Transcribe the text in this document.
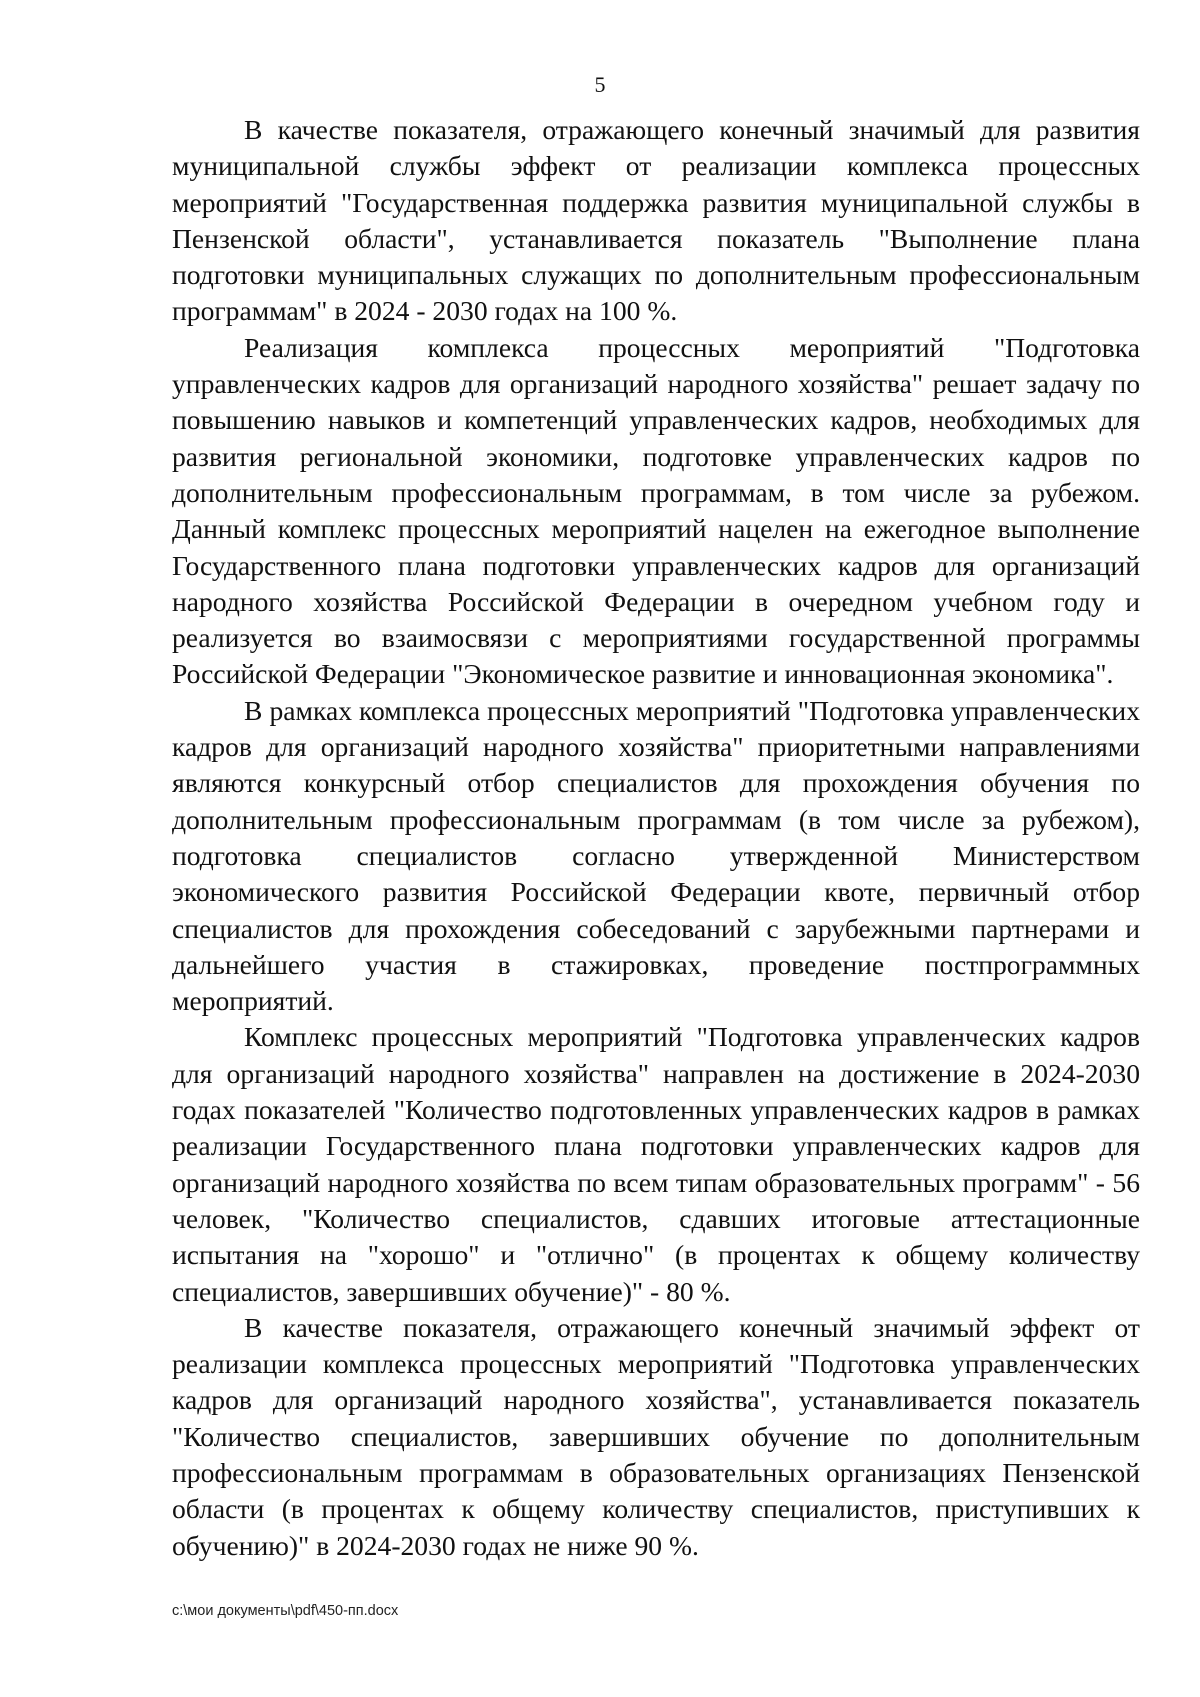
5

В качестве показателя, отражающего конечный значимый для развития муниципальной службы эффект от реализации комплекса процессных мероприятий "Государственная поддержка развития муниципальной службы в Пензенской области", устанавливается показатель "Выполнение плана подготовки муниципальных служащих по дополнительным профессиональным программам" в 2024 - 2030 годах на 100 %.

Реализация комплекса процессных мероприятий "Подготовка управленческих кадров для организаций народного хозяйства" решает задачу по повышению навыков и компетенций управленческих кадров, необходимых для развития региональной экономики, подготовке управленческих кадров по дополнительным профессиональным программам, в том числе за рубежом. Данный комплекс процессных мероприятий нацелен на ежегодное выполнение Государственного плана подготовки управленческих кадров для организаций народного хозяйства Российской Федерации в очередном учебном году и реализуется во взаимосвязи с мероприятиями государственной программы Российской Федерации "Экономическое развитие и инновационная экономика".

В рамках комплекса процессных мероприятий "Подготовка управленческих кадров для организаций народного хозяйства" приоритетными направлениями являются конкурсный отбор специалистов для прохождения обучения по дополнительным профессиональным программам (в том числе за рубежом), подготовка специалистов согласно утвержденной Министерством экономического развития Российской Федерации квоте, первичный отбор специалистов для прохождения собеседований с зарубежными партнерами и дальнейшего участия в стажировках, проведение постпрограммных мероприятий.

Комплекс процессных мероприятий "Подготовка управленческих кадров для организаций народного хозяйства" направлен на достижение в 2024-2030 годах показателей "Количество подготовленных управленческих кадров в рамках реализации Государственного плана подготовки управленческих кадров для организаций народного хозяйства по всем типам образовательных программ" - 56 человек, "Количество специалистов, сдавших итоговые аттестационные испытания на "хорошо" и "отлично" (в процентах к общему количеству специалистов, завершивших обучение)" - 80 %.

В качестве показателя, отражающего конечный значимый эффект от реализации комплекса процессных мероприятий "Подготовка управленческих кадров для организаций народного хозяйства", устанавливается показатель "Количество специалистов, завершивших обучение по дополнительным профессиональным программам в образовательных организациях Пензенской области (в процентах к общему количеству специалистов, приступивших к обучению)" в 2024-2030 годах не ниже 90 %.

c:\мои документы\pdf\450-пп.docx
